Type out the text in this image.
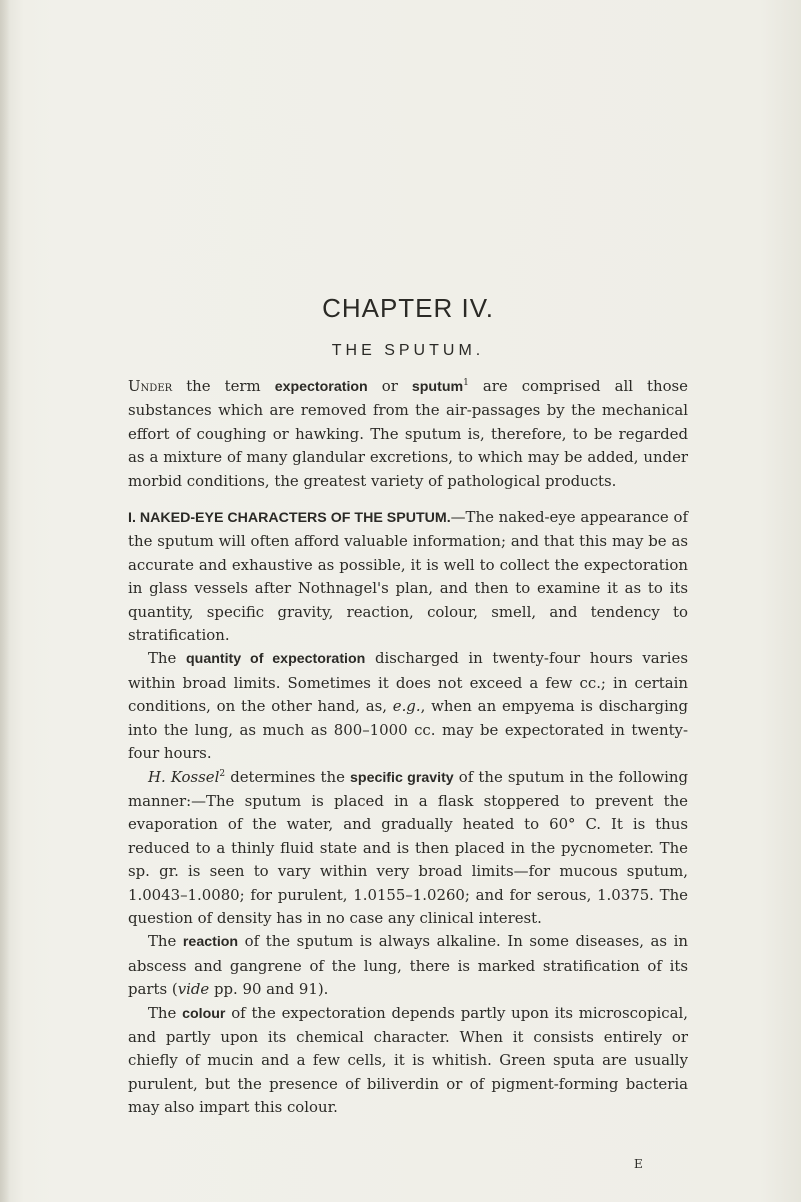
CHAPTER IV.
THE SPUTUM.

Under the term expectoration or sputum$^1$ are comprised all those substances which are removed from the air-passages by the mechanical effort of coughing or hawking. The sputum is, therefore, to be regarded as a mixture of many glandular excretions, to which may be added, under morbid conditions, the greatest variety of pathological products.

I. NAKED-EYE CHARACTERS OF THE SPUTUM.—The naked-eye appearance of the sputum will often afford valuable information; and that this may be as accurate and exhaustive as possible, it is well to collect the expectoration in glass vessels after Nothnagel's plan, and then to examine it as to its quantity, specific gravity, reaction, colour, smell, and tendency to stratification.

The quantity of expectoration discharged in twenty-four hours varies within broad limits. Sometimes it does not exceed a few cc.; in certain conditions, on the other hand, as, e.g., when an empyema is discharging into the lung, as much as 800–1000 cc. may be expectorated in twenty-four hours.

H. Kossel$^2$ determines the specific gravity of the sputum in the following manner:—The sputum is placed in a flask stoppered to prevent the evaporation of the water, and gradually heated to 60° C. It is thus reduced to a thinly fluid state and is then placed in the pycnometer. The sp. gr. is seen to vary within very broad limits—for mucous sputum, 1.0043–1.0080; for purulent, 1.0155–1.0260; and for serous, 1.0375. The question of density has in no case any clinical interest.

The reaction of the sputum is always alkaline. In some diseases, as in abscess and gangrene of the lung, there is marked stratification of its parts (vide pp. 90 and 91).

The colour of the expectoration depends partly upon its microscopical, and partly upon its chemical character. When it consists entirely or chiefly of mucin and a few cells, it is whitish. Green sputa are usually purulent, but the presence of biliverdin or of pigment-forming bacteria may also impart this colour.

E
